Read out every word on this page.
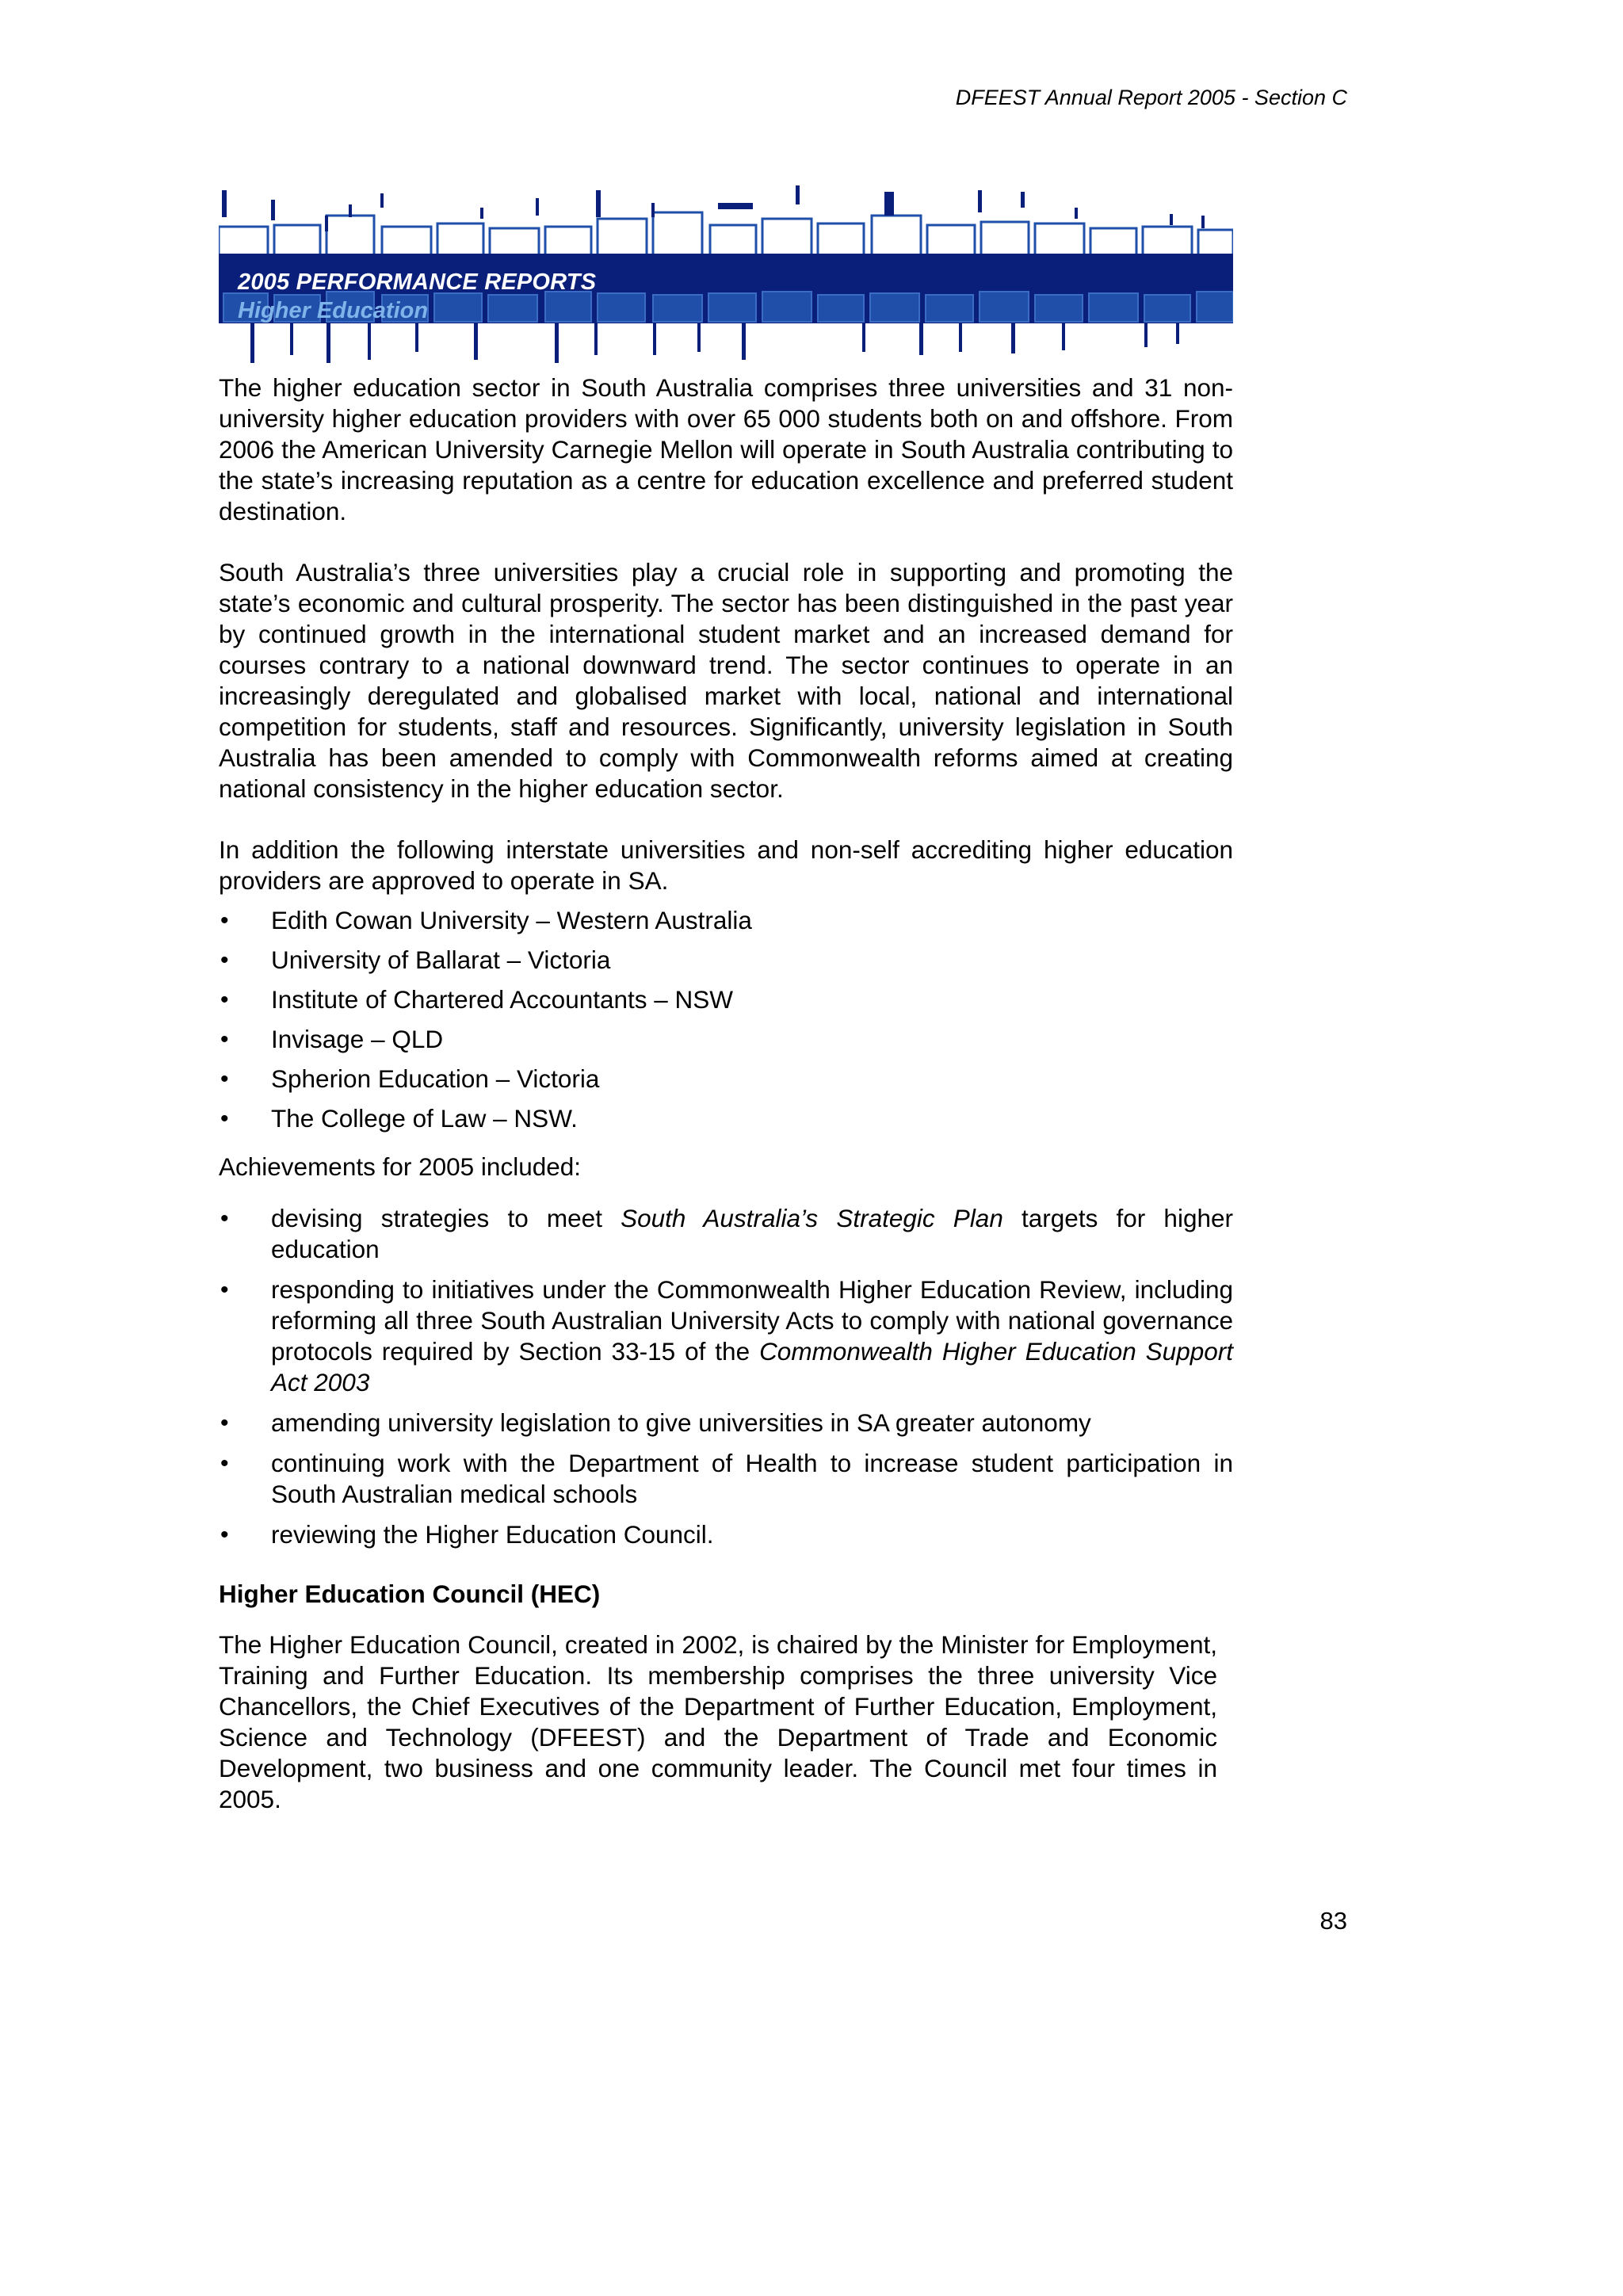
DFEEST Annual Report 2005 - Section C
2005 PERFORMANCE REPORTS
Higher Education

The higher education sector in South Australia comprises three universities and 31 non-university higher education providers with over 65 000 students both on and offshore. From 2006 the American University Carnegie Mellon will operate in South Australia contributing to the state’s increasing reputation as a centre for education excellence and preferred student destination.

South Australia’s three universities play a crucial role in supporting and promoting the state’s economic and cultural prosperity. The sector has been distinguished in the past year by continued growth in the international student market and an increased demand for courses contrary to a national downward trend. The sector continues to operate in an increasingly deregulated and globalised market with local, national and international competition for students, staff and resources. Significantly, university legislation in South Australia has been amended to comply with Commonwealth reforms aimed at creating national consistency in the higher education sector.

In addition the following interstate universities and non-self accrediting higher education providers are approved to operate in SA.

• Edith Cowan University – Western Australia
• University of Ballarat – Victoria
• Institute of Chartered Accountants – NSW
• Invisage – QLD
• Spherion Education – Victoria
• The College of Law – NSW.

Achievements for 2005 included:

• devising strategies to meet South Australia’s Strategic Plan targets for higher education
• responding to initiatives under the Commonwealth Higher Education Review, including reforming all three South Australian University Acts to comply with national governance protocols required by Section 33-15 of the Commonwealth Higher Education Support Act 2003
• amending university legislation to give universities in SA greater autonomy
• continuing work with the Department of Health to increase student participation in South Australian medical schools
• reviewing the Higher Education Council.
Higher Education Council (HEC)

The Higher Education Council, created in 2002, is chaired by the Minister for Employment, Training and Further Education. Its membership comprises the three university Vice Chancellors, the Chief Executives of the Department of Further Education, Employment, Science and Technology (DFEEST) and the Department of Trade and Economic Development, two business and one community leader. The Council met four times in 2005.

83
